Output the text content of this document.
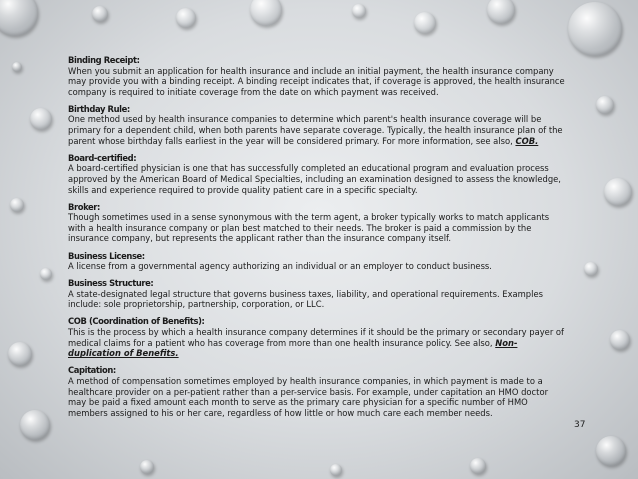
Binding Receipt:

When you submit an application for health insurance and include an initial payment, the health insurance company may provide you with a binding receipt. A binding receipt indicates that, if coverage is approved, the health insurance company is required to initiate coverage from the date on which payment was received.

Birthday Rule:

One method used by health insurance companies to determine which parent's health insurance coverage will be primary for a dependent child, when both parents have separate coverage. Typically, the health insurance plan of the parent whose birthday falls earliest in the year will be considered primary. For more information, see also, COB.

Board-certified:

A board-certified physician is one that has successfully completed an educational program and evaluation process approved by the American Board of Medical Specialties, including an examination designed to assess the knowledge, skills and experience required to provide quality patient care in a specific specialty.

Broker:

Though sometimes used in a sense synonymous with the term agent, a broker typically works to match applicants with a health insurance company or plan best matched to their needs. The broker is paid a commission by the insurance company, but represents the applicant rather than the insurance company itself.

Business License:

A license from a governmental agency authorizing an individual or an employer to conduct business.

Business Structure:

A state-designated legal structure that governs business taxes, liability, and operational requirements. Examples include: sole proprietorship, partnership, corporation, or LLC.

COB (Coordination of Benefits):

This is the process by which a health insurance company determines if it should be the primary or secondary payer of medical claims for a patient who has coverage from more than one health insurance policy. See also, Non-duplication of Benefits.

Capitation:

A method of compensation sometimes employed by health insurance companies, in which payment is made to a healthcare provider on a per-patient rather than a per-service basis. For example, under capitation an HMO doctor may be paid a fixed amount each month to serve as the primary care physician for a specific number of HMO members assigned to his or her care, regardless of how little or how much care each member needs.

37
